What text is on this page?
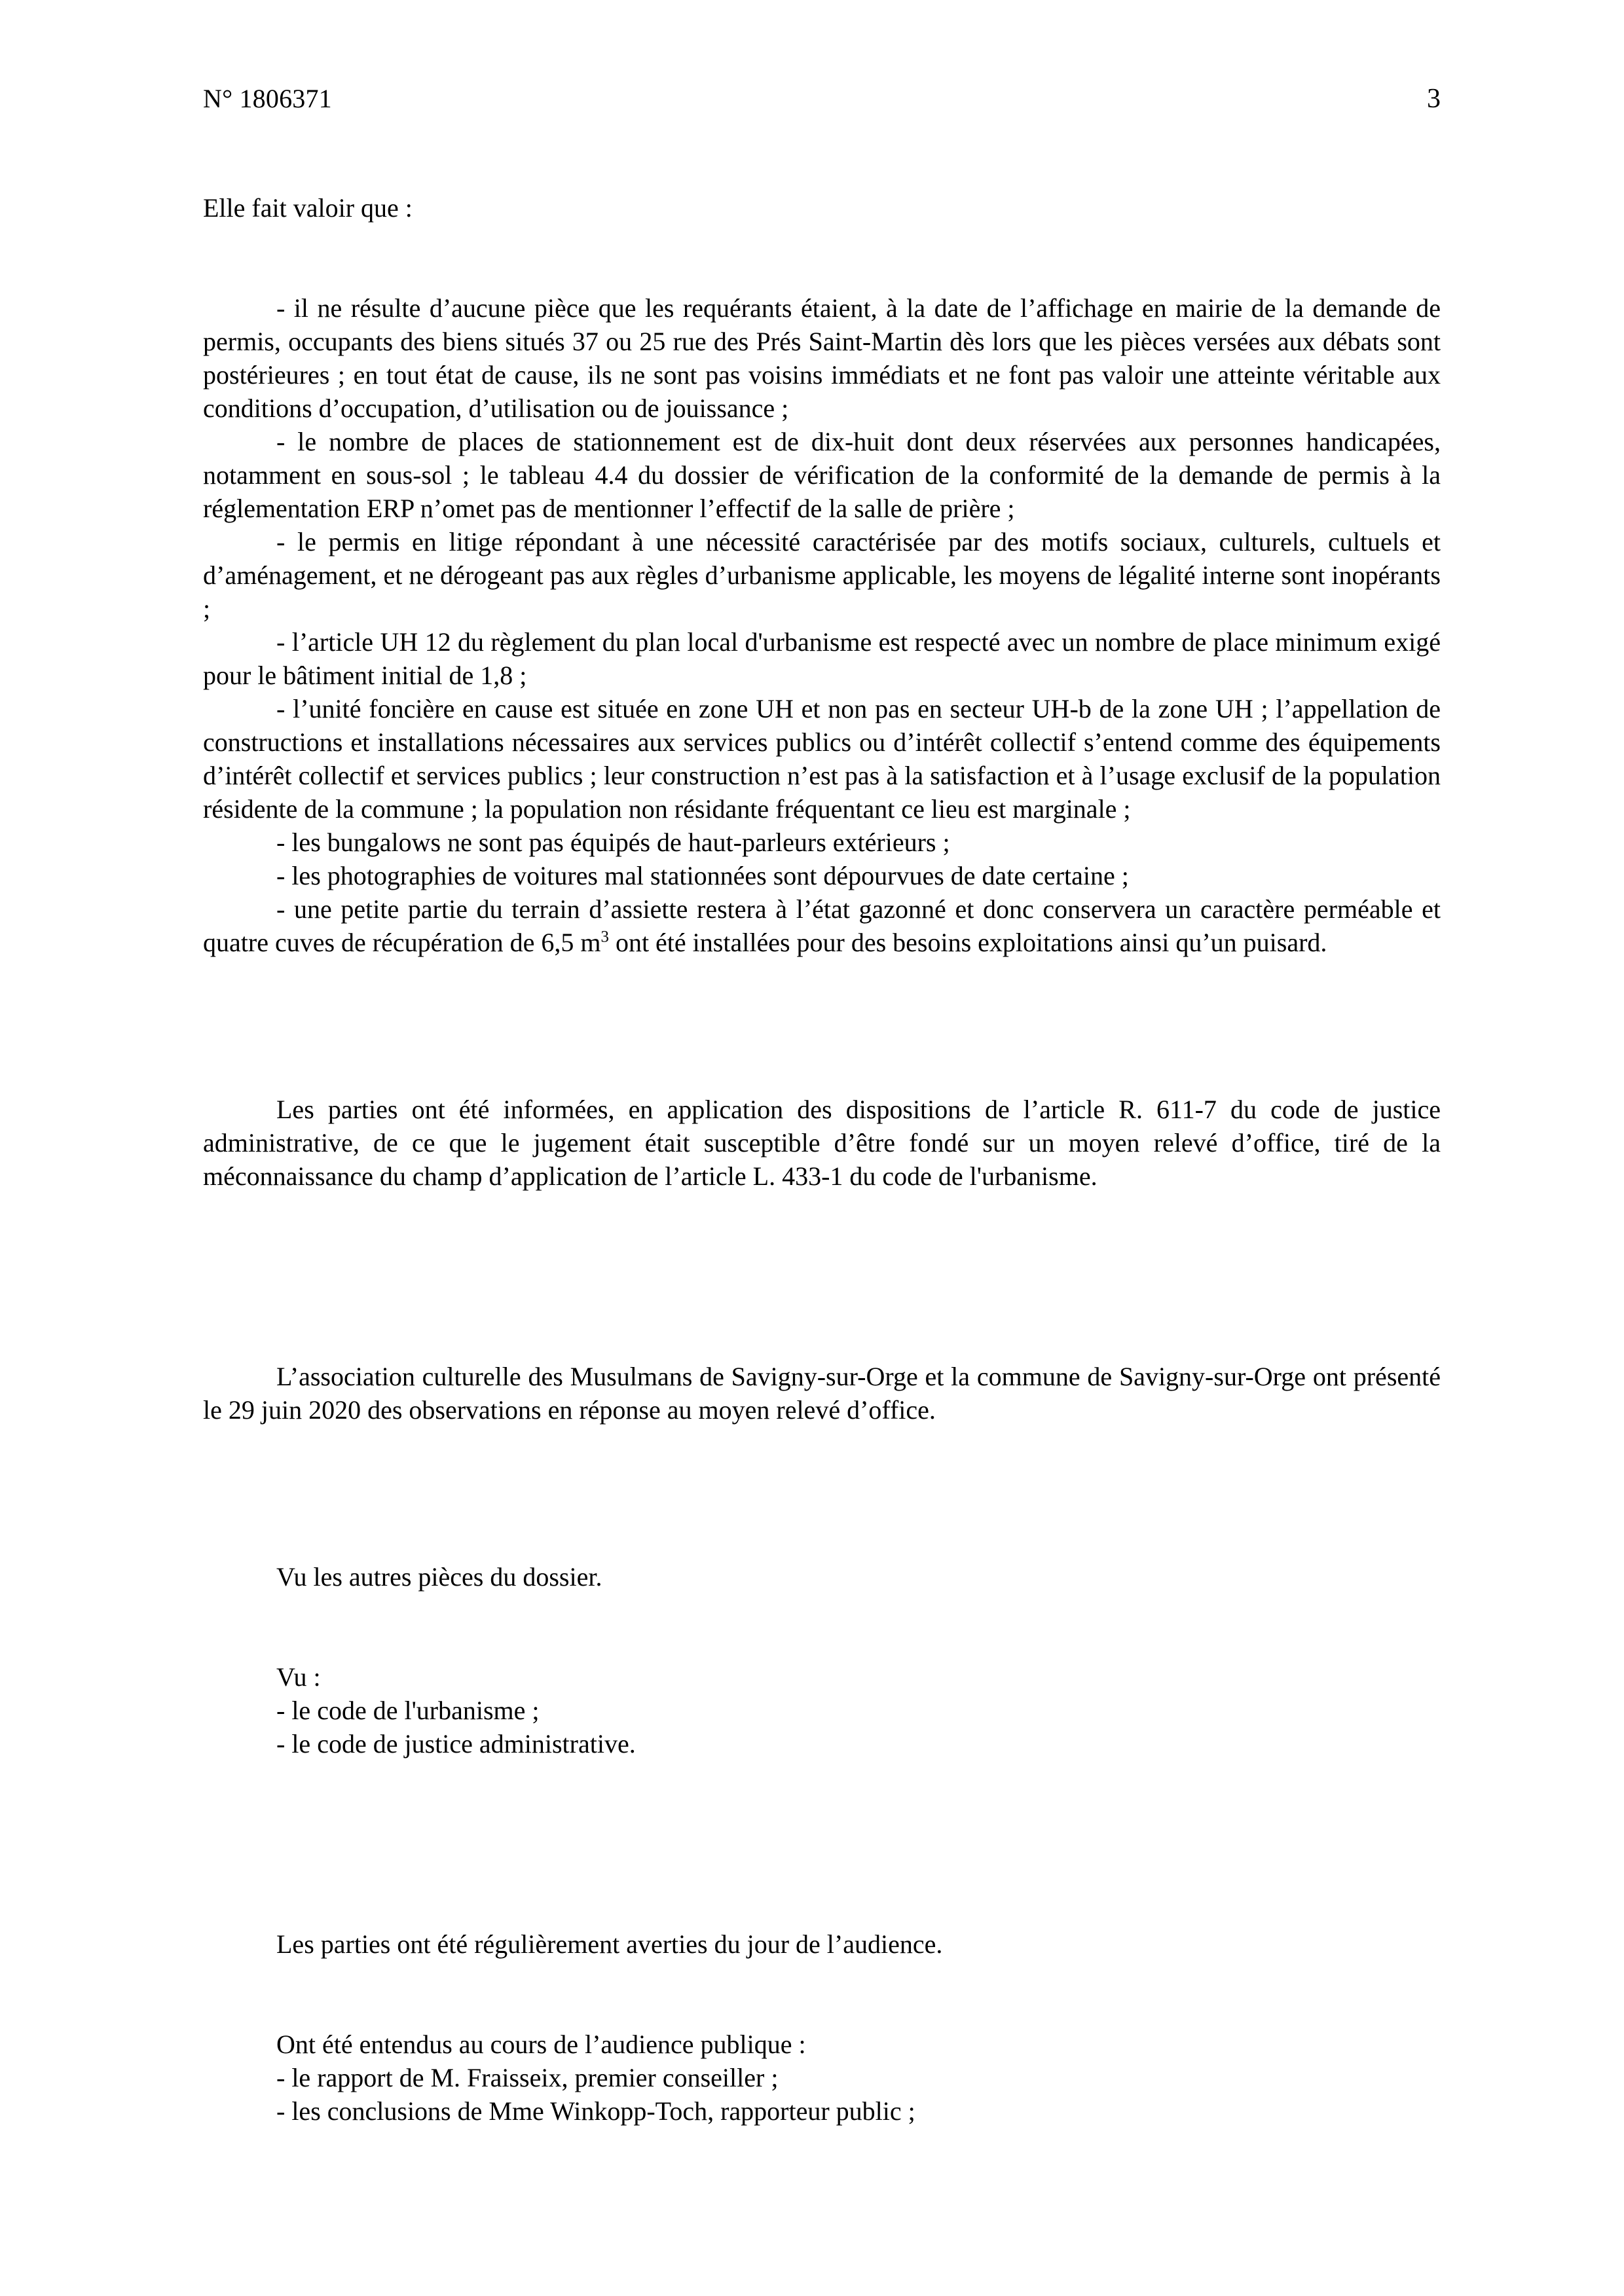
N° 1806371	3

Elle fait valoir que :

- il ne résulte d’aucune pièce que les requérants étaient, à la date de l’affichage en mairie de la demande de permis, occupants des biens situés 37 ou 25 rue des Prés Saint-Martin dès lors que les pièces versées aux débats sont postérieures ; en tout état de cause, ils ne sont pas voisins immédiats et ne font pas valoir une atteinte véritable aux conditions d’occupation, d’utilisation ou de jouissance ;

- le nombre de places de stationnement est de dix-huit dont deux réservées aux personnes handicapées, notamment en sous-sol ; le tableau 4.4 du dossier de vérification de la conformité de la demande de permis à la réglementation ERP n’omet pas de mentionner l’effectif de la salle de prière ;

- le permis en litige répondant à une nécessité caractérisée par des motifs sociaux, culturels, cultuels et d’aménagement, et ne dérogeant pas aux règles d’urbanisme applicable, les moyens de légalité interne sont inopérants ;

- l’article UH 12 du règlement du plan local d'urbanisme est respecté avec un nombre de place minimum exigé pour le bâtiment initial de 1,8 ;

- l’unité foncière en cause est située en zone UH et non pas en secteur UH-b de la zone UH ; l’appellation de constructions et installations nécessaires aux services publics ou d’intérêt collectif s’entend comme des équipements d’intérêt collectif et services publics ; leur construction n’est pas à la satisfaction et à l’usage exclusif de la population résidente de la commune ; la population non résidante fréquentant ce lieu est marginale ;

- les bungalows ne sont pas équipés de haut-parleurs extérieurs ;

- les photographies de voitures mal stationnées sont dépourvues de date certaine ;

- une petite partie du terrain d’assiette restera à l’état gazonné et donc conservera un caractère perméable et quatre cuves de récupération de 6,5 $m^3$ ont été installées pour des besoins exploitations ainsi qu’un puisard.

Les parties ont été informées, en application des dispositions de l’article R. 611-7 du code de justice administrative, de ce que le jugement était susceptible d’être fondé sur un moyen relevé d’office, tiré de la méconnaissance du champ d’application de l’article L. 433-1 du code de l'urbanisme.

L’association culturelle des Musulmans de Savigny-sur-Orge et la commune de Savigny-sur-Orge ont présenté le 29 juin 2020 des observations en réponse au moyen relevé d’office.

Vu les autres pièces du dossier.

Vu :

- le code de l'urbanisme ;

- le code de justice administrative.

Les parties ont été régulièrement averties du jour de l’audience.

Ont été entendus au cours de l’audience publique :

- le rapport de M. Fraisseix, premier conseiller ;

- les conclusions de Mme Winkopp-Toch, rapporteur public ;
